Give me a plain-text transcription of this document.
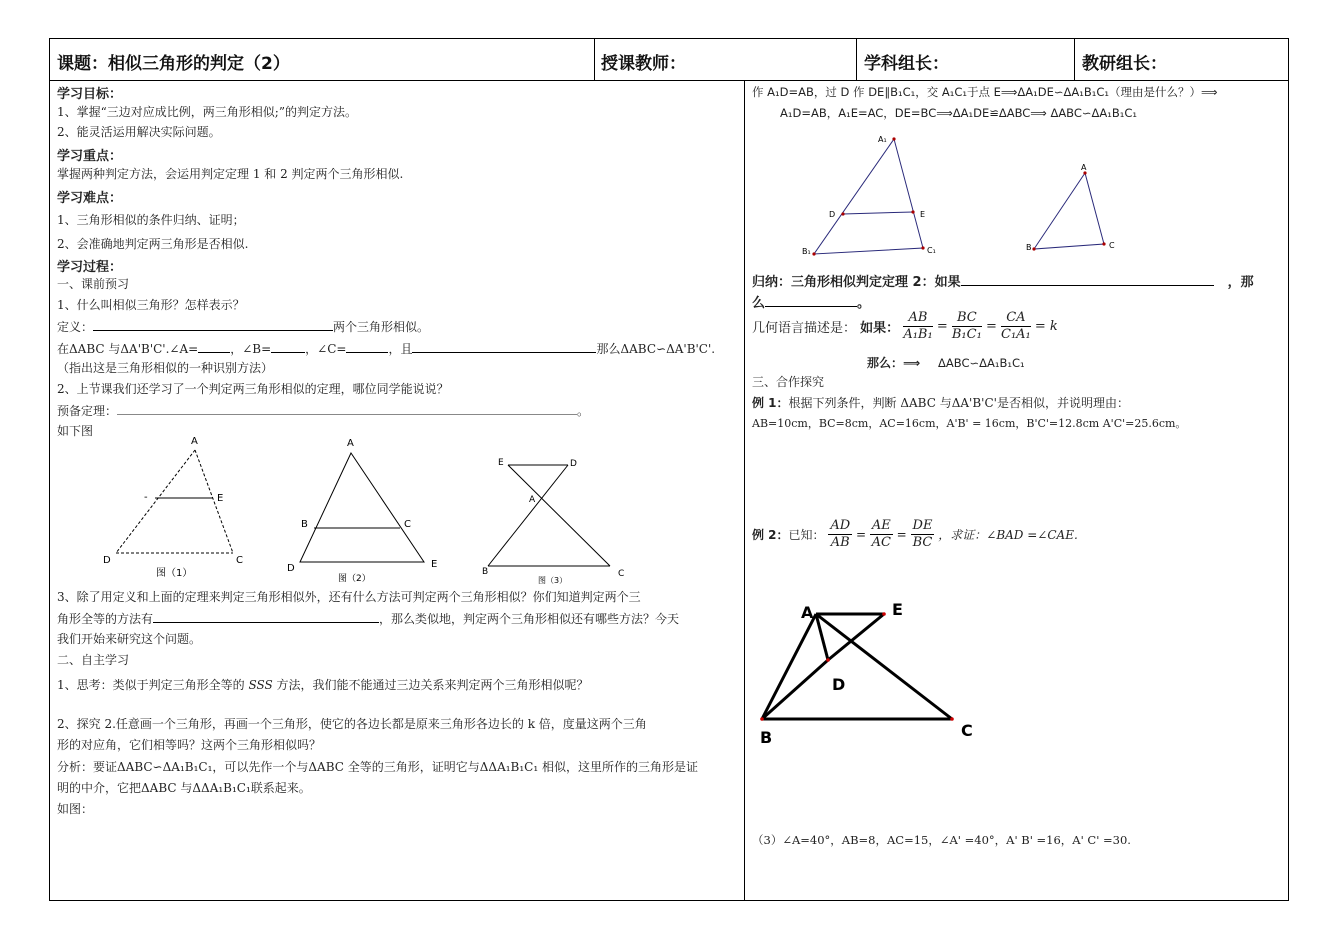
课题：相似三角形的判定（2）	授课教师：	学科组长：	教研组长：
学习目标：
1、掌握“三边对应成比例，两三角形相似;”的判定方法。
2、能灵活运用解决实际问题。
学习重点：
掌握两种判定方法，会运用判定定理 1 和 2 判定两个三角形相似.
学习难点：
1、三角形相似的条件归纳、证明；
2、会准确地判定两三角形是否相似.
学习过程：
一、课前预习
1、什么叫相似三角形？怎样表示？
定义：	两个三角形相似。
在ΔABC 与ΔA'B'C'.∠A=	，∠B=	，∠C=	，且	那么ΔABC∽ΔA'B'C'.
（指出这是三角形相似的一种识别方法）
2、上节课我们还学习了一个判定两三角形相似的定理，哪位同学能说说？
预备定理：	。
如下图
A
-	E
D	C
图（1）
A
B	C
D	E
图（2）
E	D
A
B	C
图（3）
3、除了用定义和上面的定理来判定三角形相似外，还有什么方法可判定两个三角形相似？你们知道判定两个三
角形全等的方法有	，那么类似地，判定两个三角形相似还有哪些方法？今天
我们开始来研究这个问题。
二、自主学习
1、思考：类似于判定三角形全等的 SSS 方法，我们能不能通过三边关系来判定两个三角形相似呢？
2、探究 2.任意画一个三角形，再画一个三角形，使它的各边长都是原来三角形各边长的 k 倍，度量这两个三角
形的对应角，它们相等吗？这两个三角形相似吗？
分析：要证ΔABC∽ΔA₁B₁C₁，可以先作一个与ΔABC 全等的三角形，证明它与ΔΔA₁B₁C₁ 相似，这里所作的三角形是证
明的中介，它把ΔABC 与ΔΔA₁B₁C₁联系起来。
如图：
作 A₁D=AB，过 D 作 DE∥B₁C₁，交 A₁C₁于点 E⟹ΔA₁DE∽ΔA₁B₁C₁（理由是什么？）⟹
A₁D=AB，A₁E=AC，DE=BC⟹ΔA₁DE≌ΔABC⟹ ΔABC∽ΔA₁B₁C₁
A₁
D	E
B₁	C₁
A
B	C
归纳：三角形相似判定定理 2：如果	，那
么	。
几何语言描述是： 如果： $\frac{AB}{\text{A₁B₁}} = \frac{BC}{\text{B₁C₁}} = \frac{CA}{\text{C₁A₁}} = k$
那么：⟹ ΔABC∽ΔA₁B₁C₁
三、合作探究
例 1：根据下列条件，判断 ΔABC 与ΔA'B'C'是否相似，并说明理由：
AB=10cm，BC=8cm，AC=16cm，A'B' = 16cm，B'C'=12.8cm A'C'=25.6cm。
例 2：已知： $\frac{AD}{AB} = \frac{AE}{AC} = \frac{DE}{BC}$ ，求证：∠BAD =∠CAE.
A	E
D
B	C
（3）∠A=40°，AB=8，AC=15，∠A' =40°，A' B' =16，A' C' =30.
